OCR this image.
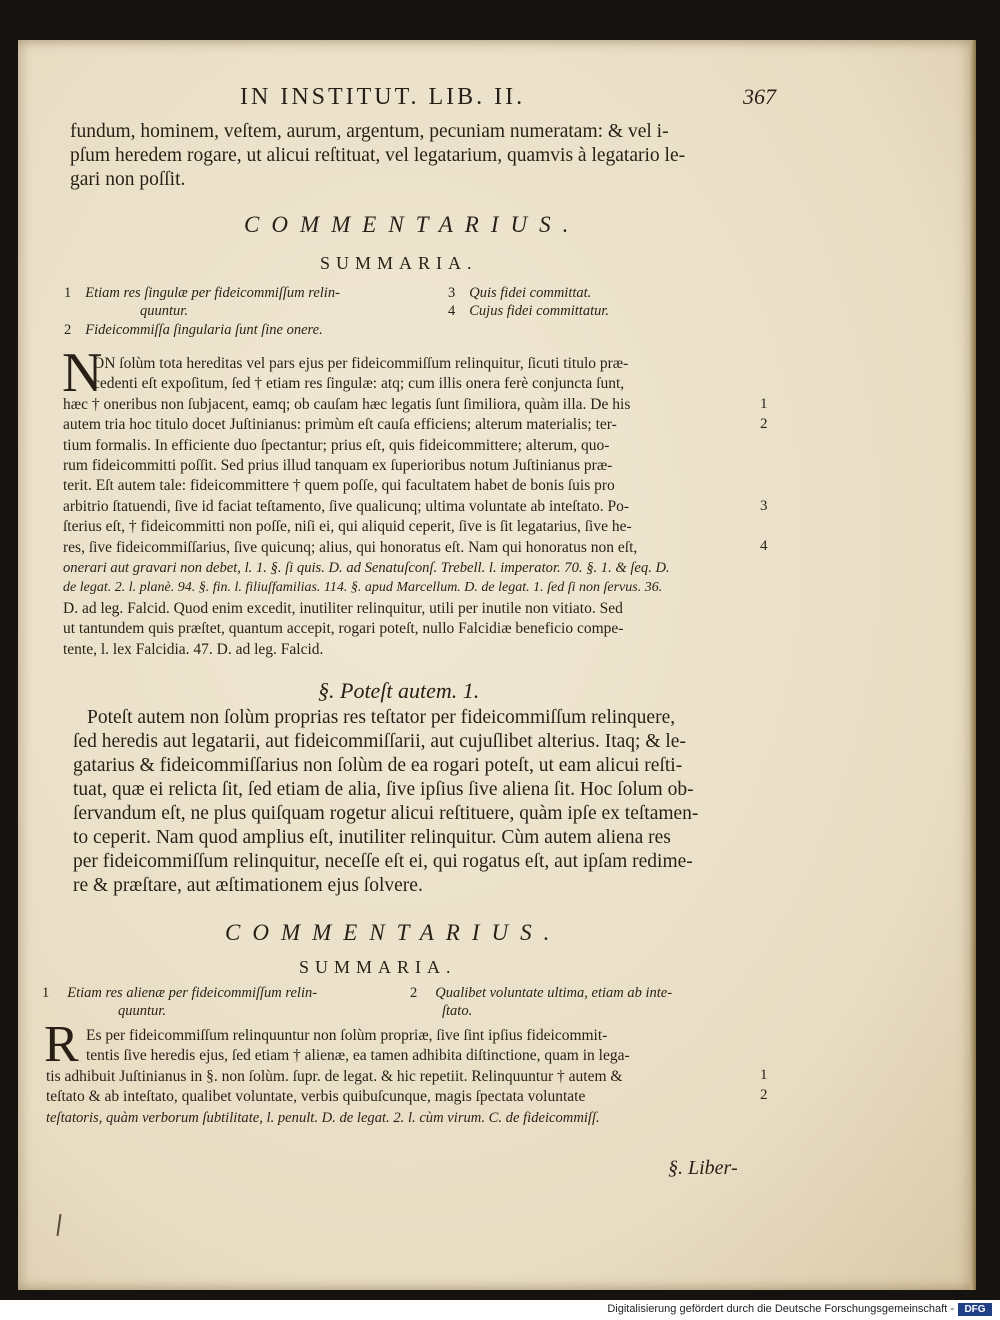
IN INSTITUT. LIB. II.	367
fundum, hominem, veſtem, aurum, argentum, pecuniam numeratam: & vel i-
pſum heredem rogare, ut alicui reſtituat, vel legatarium, quamvis à legatario le-
gari non poſſit.
COMMENTARIUS.
SUMMARIA.
1 Etiam res ſingulæ per fideicommiſſum relin-
quuntur.
2 Fideicommiſſa ſingularia ſunt ſine onere.
3 Quis fidei committat.
4 Cujus fidei committatur.
N
ON ſolùm tota hereditas vel pars ejus per fideicommiſſum relinquitur, ſicuti titulo præ-
cedenti eſt expoſitum, ſed † etiam res ſingulæ: atq; cum illis onera ferè conjuncta ſunt,
hæc † oneribus non ſubjacent, eamq; ob cauſam hæc legatis ſunt ſimiliora, quàm illa. De his
autem tria hoc titulo docet Juſtinianus: primùm eſt cauſa efficiens; alterum materialis; ter-
tium formalis. In efficiente duo ſpectantur; prius eſt, quis fideicommittere; alterum, quo-
rum fideicommitti poſſit. Sed prius illud tanquam ex ſuperioribus notum Juſtinianus præ-
terit. Eſt autem tale: fideicommittere † quem poſſe, qui facultatem habet de bonis ſuis pro
arbitrio ſtatuendi, ſive id faciat teſtamento, ſive qualicunq; ultima voluntate ab inteſtato. Po-
ſterius eſt, † fideicommitti non poſſe, niſi ei, qui aliquid ceperit, ſive is ſit legatarius, ſive he-
res, ſive fideicommiſſarius, ſive quicunq; alius, qui honoratus eſt. Nam qui honoratus non eſt,
onerari aut gravari non debet, l. 1. §. ſi quis. D. ad Senatuſconſ. Trebell. l. imperator. 70. §. 1. & ſeq. D.
de legat. 2. l. planè. 94. §. fin. l. filiuſfamilias. 114. §. apud Marcellum. D. de legat. 1. ſed ſi non ſervus. 36.
D. ad leg. Falcid. Quod enim excedit, inutiliter relinquitur, utili per inutile non vitiato. Sed
ut tantundem quis præſtet, quantum accepit, rogari poteſt, nullo Falcidiæ beneficio compe-
tente, l. lex Falcidia. 47. D. ad leg. Falcid.
1
2
3
4
§. Poteſt autem. 1.
Poteſt autem non ſolùm proprias res teſtator per fideicommiſſum relinquere,
ſed heredis aut legatarii, aut fideicommiſſarii, aut cujuſlibet alterius. Itaq; & le-
gatarius & fideicommiſſarius non ſolùm de ea rogari poteſt, ut eam alicui reſti-
tuat, quæ ei relicta ſit, ſed etiam de alia, ſive ipſius ſive aliena ſit. Hoc ſolum ob-
ſervandum eſt, ne plus quiſquam rogetur alicui reſtituere, quàm ipſe ex teſtamen-
to ceperit. Nam quod amplius eſt, inutiliter relinquitur. Cùm autem aliena res
per fideicommiſſum relinquitur, neceſſe eſt ei, qui rogatus eſt, aut ipſam redime-
re & præſtare, aut æſtimationem ejus ſolvere.
COMMENTARIUS.
SUMMARIA.
1 Etiam res alienæ per fideicommiſſum relin-
quuntur.
2 Qualibet voluntate ultima, etiam ab inte-
ſtato.
R Es per fideicommiſſum relinquuntur non ſolùm propriæ, ſive ſint ipſius fideicommit-
tentis ſive heredis ejus, ſed etiam † alienæ, ea tamen adhibita diſtinctione, quam in lega-
tis adhibuit Juſtinianus in §. non ſolùm. ſupr. de legat. & hic repetiit. Relinquuntur † autem &
teſtato & ab inteſtato, qualibet voluntate, verbis quibuſcunque, magis ſpectata voluntate
teſtatoris, quàm verborum ſubtilitate, l. penult. D. de legat. 2. l. cùm virum. C. de fideicommiſſ.
1
2
§. Liber-
Digitalisierung gefördert durch die Deutsche Forschungsgemeinschaft -	DFG
